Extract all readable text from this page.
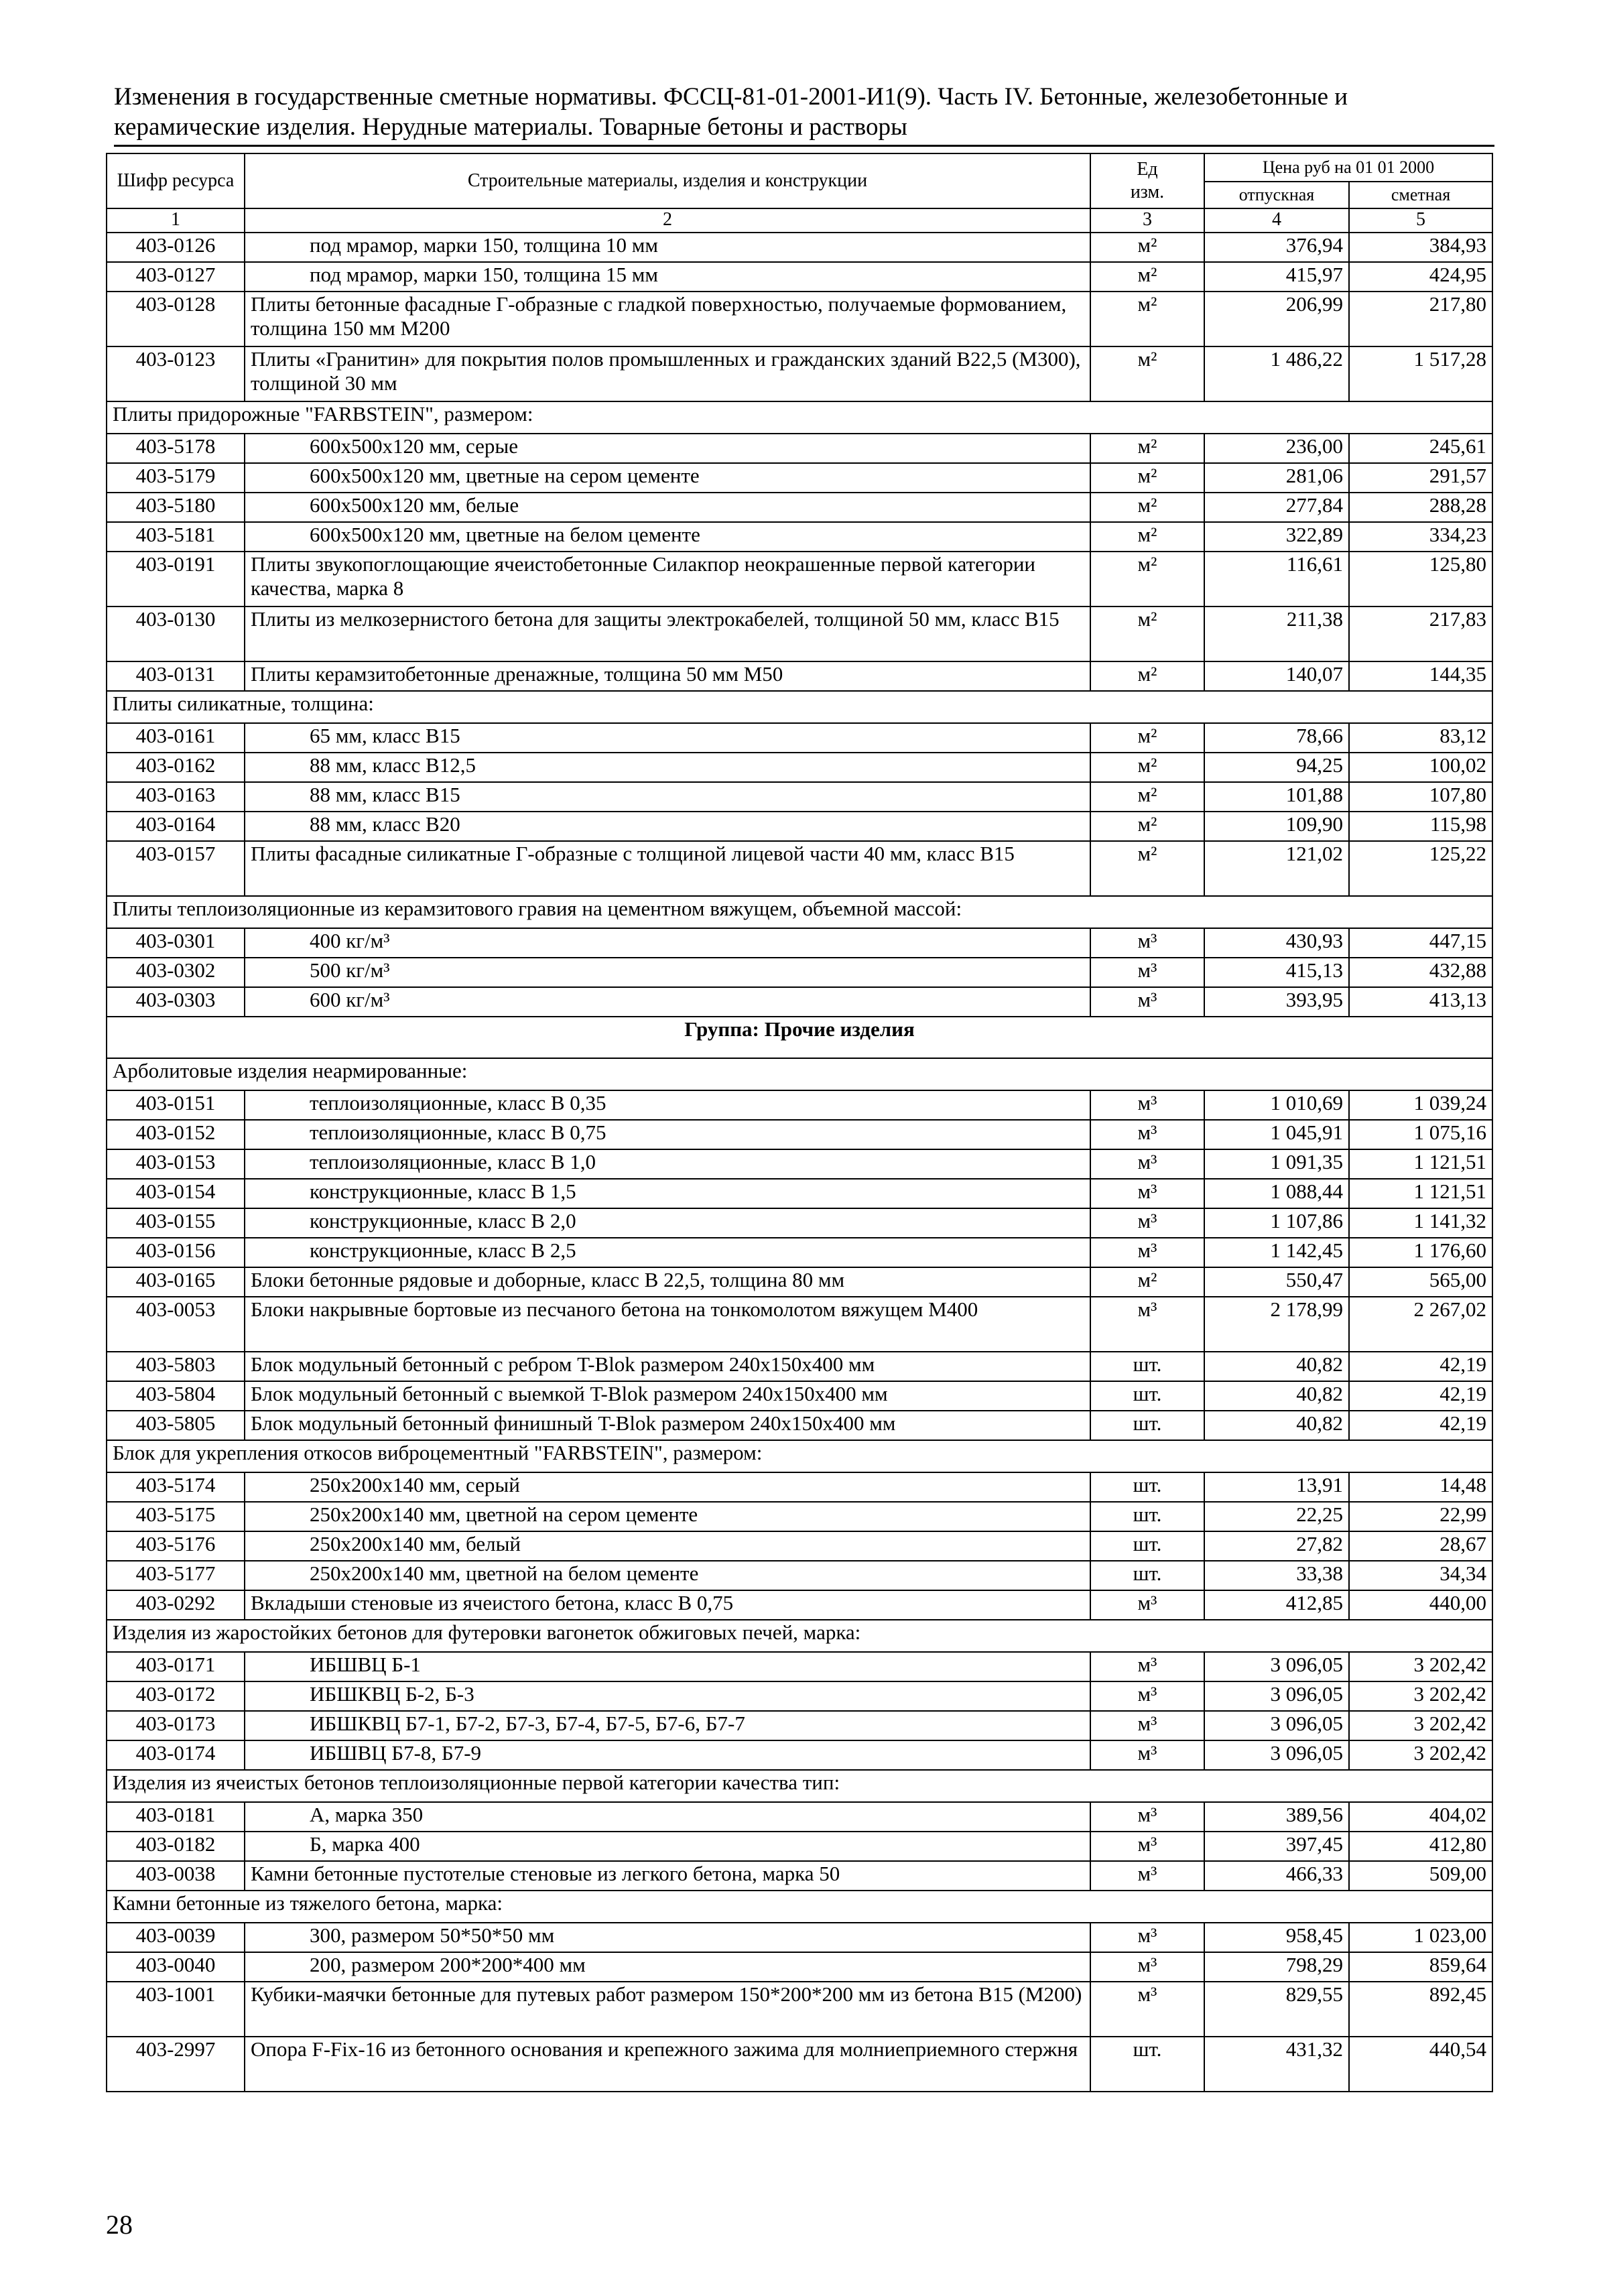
Изменения в государственные сметные нормативы. ФССЦ-81-01-2001-И1(9). Часть IV. Бетонные, железобетонные и
керамические изделия. Нерудные материалы. Товарные бетоны и растворы
Шифр ресурса	Строительные материалы, изделия и конструкции	Ед
изм.	Цена руб на 01 01 2000	
			отпускная	сметная
1	2	3	4	5
403-0126	под мрамор, марки 150, толщина 10 мм	м²	376,94	384,93
403-0127	под мрамор, марки 150, толщина 15 мм	м²	415,97	424,95
403-0128	Плиты бетонные фасадные Г-образные с гладкой поверхностью, получаемые формованием, толщина 150 мм М200	м²	206,99	217,80
403-0123	Плиты «Гранитин» для покрытия полов промышленных и гражданских зданий В22,5 (М300), толщиной 30 мм	м²	1 486,22	1 517,28
Плиты придорожные "FARBSTEIN", размером:				
403-5178	600х500х120 мм, серые	м²	236,00	245,61
403-5179	600х500х120 мм, цветные на сером цементе	м²	281,06	291,57
403-5180	600х500х120 мм, белые	м²	277,84	288,28
403-5181	600х500х120 мм, цветные на белом цементе	м²	322,89	334,23
403-0191	Плиты звукопоглощающие ячеистобетонные Силакпор неокрашенные первой категории качества, марка 8	м²	116,61	125,80
403-0130	Плиты из мелкозернистого бетона для защиты электрокабелей, толщиной 50 мм, класс В15	м²	211,38	217,83
403-0131	Плиты керамзитобетонные дренажные, толщина 50 мм М50	м²	140,07	144,35
Плиты силикатные, толщина:				
403-0161	65 мм, класс В15	м²	78,66	83,12
403-0162	88 мм, класс В12,5	м²	94,25	100,02
403-0163	88 мм, класс В15	м²	101,88	107,80
403-0164	88 мм, класс В20	м²	109,90	115,98
403-0157	Плиты фасадные силикатные Г-образные с толщиной лицевой части 40 мм, класс В15	м²	121,02	125,22
Плиты теплоизоляционные из керамзитового гравия на цементном вяжущем, объемной массой:				
403-0301	400 кг/м³	м³	430,93	447,15
403-0302	500 кг/м³	м³	415,13	432,88
403-0303	600 кг/м³	м³	393,95	413,13
Группа: Прочие изделия				
Арболитовые изделия неармированные:				
403-0151	теплоизоляционные, класс В 0,35	м³	1 010,69	1 039,24
403-0152	теплоизоляционные, класс В 0,75	м³	1 045,91	1 075,16
403-0153	теплоизоляционные, класс В 1,0	м³	1 091,35	1 121,51
403-0154	конструкционные, класс В 1,5	м³	1 088,44	1 121,51
403-0155	конструкционные, класс В 2,0	м³	1 107,86	1 141,32
403-0156	конструкционные, класс В 2,5	м³	1 142,45	1 176,60
403-0165	Блоки бетонные рядовые и доборные, класс В 22,5, толщина 80 мм	м²	550,47	565,00
403-0053	Блоки накрывные бортовые из песчаного бетона на тонкомолотом вяжущем М400	м³	2 178,99	2 267,02
403-5803	Блок модульный бетонный с ребром T-Blok размером 240х150х400 мм	шт.	40,82	42,19
403-5804	Блок модульный бетонный с выемкой T-Blok размером 240х150х400 мм	шт.	40,82	42,19
403-5805	Блок модульный бетонный финишный T-Blok размером 240х150х400 мм	шт.	40,82	42,19
Блок для укрепления откосов виброцементный "FARBSTEIN", размером:				
403-5174	250х200х140 мм, серый	шт.	13,91	14,48
403-5175	250х200х140 мм, цветной на сером цементе	шт.	22,25	22,99
403-5176	250х200х140 мм, белый	шт.	27,82	28,67
403-5177	250х200х140 мм, цветной на белом цементе	шт.	33,38	34,34
403-0292	Вкладыши стеновые из ячеистого бетона, класс В 0,75	м³	412,85	440,00
Изделия из жаростойких бетонов для футеровки вагонеток обжиговых печей, марка:				
403-0171	ИБШВЦ Б-1	м³	3 096,05	3 202,42
403-0172	ИБШКВЦ Б-2, Б-3	м³	3 096,05	3 202,42
403-0173	ИБШКВЦ Б7-1, Б7-2, Б7-3, Б7-4, Б7-5, Б7-6, Б7-7	м³	3 096,05	3 202,42
403-0174	ИБШВЦ Б7-8, Б7-9	м³	3 096,05	3 202,42
Изделия из ячеистых бетонов теплоизоляционные первой категории качества тип:				
403-0181	А, марка 350	м³	389,56	404,02
403-0182	Б, марка 400	м³	397,45	412,80
403-0038	Камни бетонные пустотелые стеновые из легкого бетона, марка 50	м³	466,33	509,00
Камни бетонные из тяжелого бетона, марка:				
403-0039	300, размером 50*50*50 мм	м³	958,45	1 023,00
403-0040	200, размером 200*200*400 мм	м³	798,29	859,64
403-1001	Кубики-маячки бетонные для путевых работ размером 150*200*200 мм из бетона В15 (М200)	м³	829,55	892,45
403-2997	Опора F-Fix-16 из бетонного основания и крепежного зажима для молниеприемного стержня	шт.	431,32	440,54
28
